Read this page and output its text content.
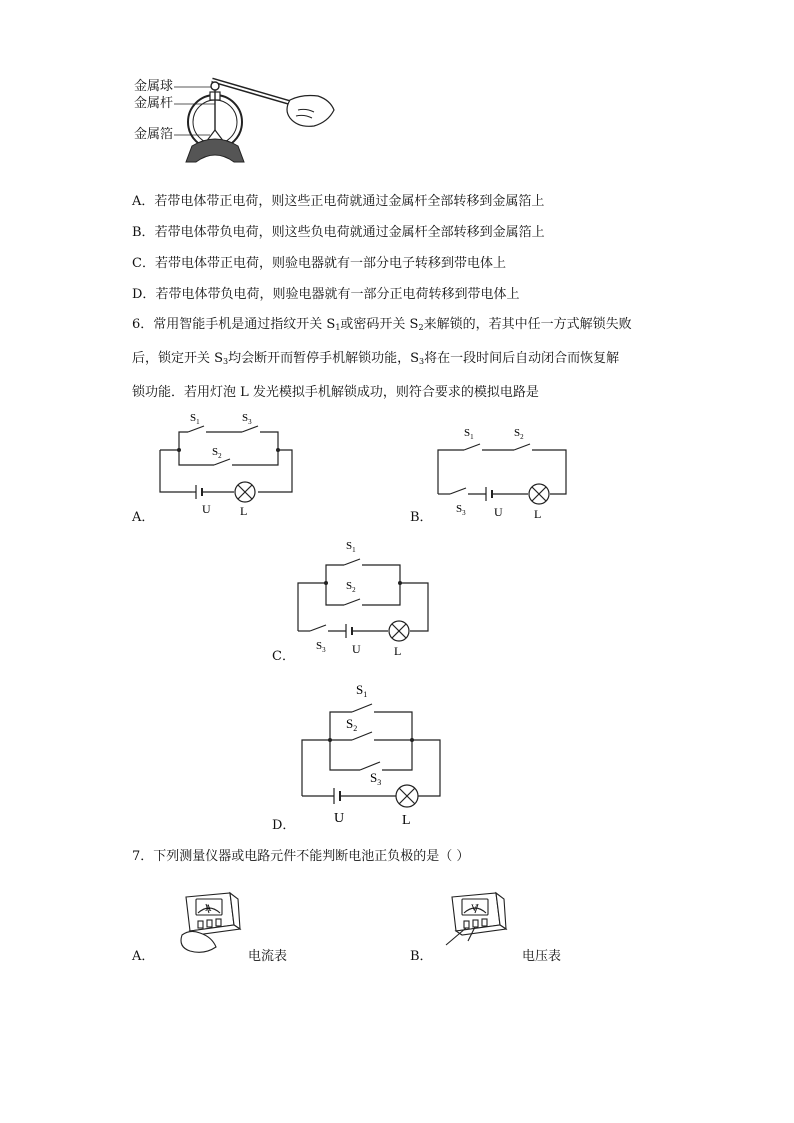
金属球
金属杆
金属箔
A．若带电体带正电荷，则这些正电荷就通过金属杆全部转移到金属箔上
B．若带电体带负电荷，则这些负电荷就通过金属杆全部转移到金属箔上
C．若带电体带正电荷，则验电器就有一部分电子转移到带电体上
D．若带电体带负电荷，则验电器就有一部分正电荷转移到带电体上
6．常用智能手机是通过指纹开关 $S_1$或密码开关 $S_2$来解锁的，若其中任一方式解锁失败
后，锁定开关 $S_3$均会断开而暂停手机解锁功能，$S_3$将在一段时间后自动闭合而恢复解
锁功能．若用灯泡 L 发光模拟手机解锁成功，则符合要求的模拟电路是
A．
$S_1$	$S_3$
$S_2$
U L	B．
$S_1$	$S_2$
$S_3$ U	L
C．
$S_1$
$S_2$
$S_3$ U	L
D．
$S_1$
$S_2$
$S_3$
U	L
7．下列测量仪器或电路元件不能判断电池正负极的是（ ）
A．
A
电流表	B．
V
电压表
